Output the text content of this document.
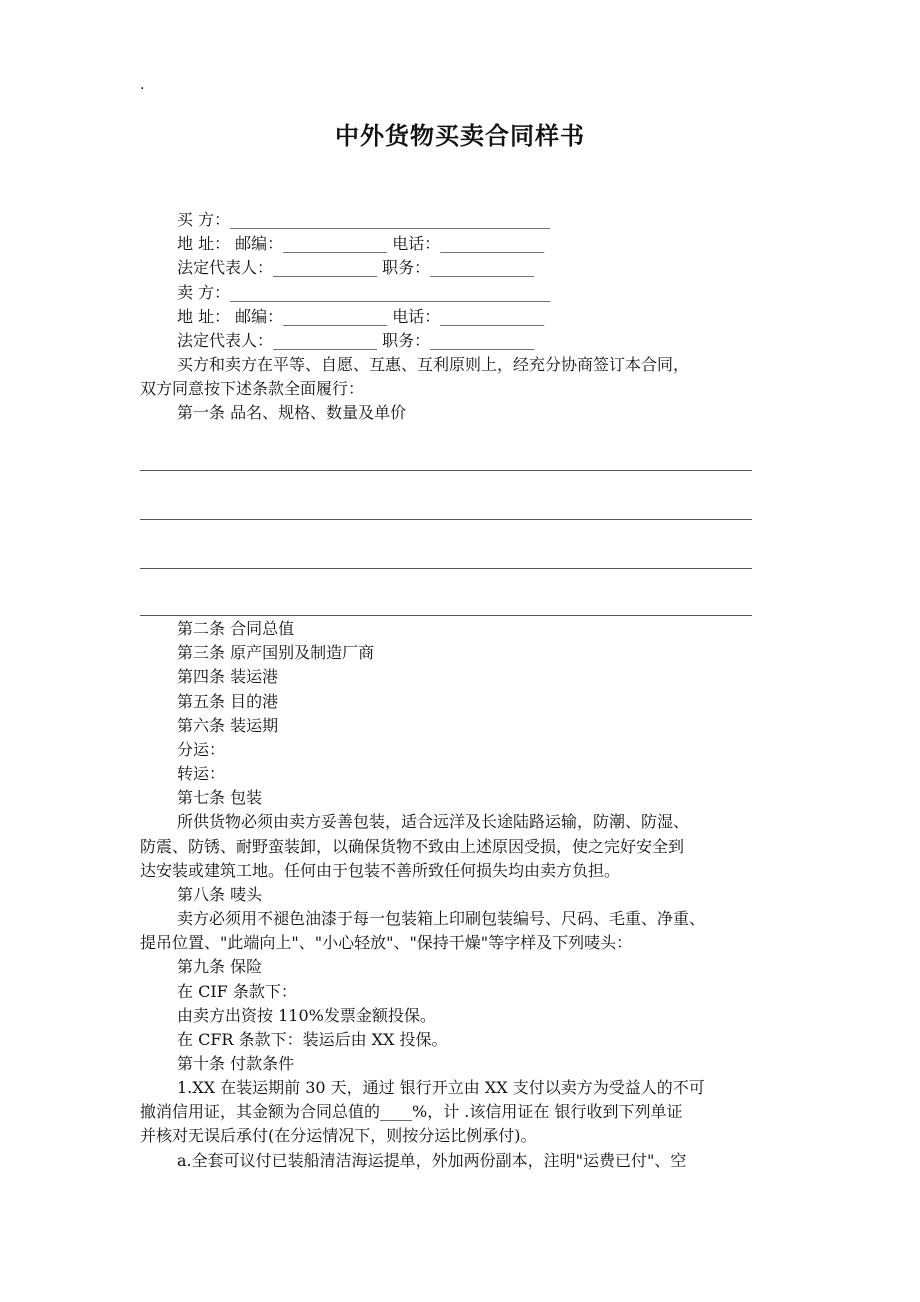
.
中外货物买卖合同样书
买 方：________________________________________
地 址： 邮编：_____________ 电话：_____________
法定代表人：_____________ 职务：_____________
卖 方：________________________________________
地 址： 邮编：_____________ 电话：_____________
法定代表人：_____________ 职务：_____________
买方和卖方在平等、自愿、互惠、互利原则上，经充分协商签订本合同，
双方同意按下述条款全面履行：
第一条 品名、规格、数量及单价
第二条 合同总值
第三条 原产国别及制造厂商
第四条 装运港
第五条 目的港
第六条 装运期
分运：
转运：
第七条 包装
所供货物必须由卖方妥善包装，适合远洋及长途陆路运输，防潮、防湿、
防震、防锈、耐野蛮装卸，以确保货物不致由上述原因受损，使之完好安全到
达安装或建筑工地。任何由于包装不善所致任何损失均由卖方负担。
第八条 唛头
卖方必须用不褪色油漆于每一包装箱上印刷包装编号、尺码、毛重、净重、
提吊位置、"此端向上"、"小心轻放"、"保持干燥"等字样及下列唛头：
第九条 保险
在 CIF 条款下：
由卖方出资按 110%发票金额投保。
在 CFR 条款下：装运后由 XX 投保。
第十条 付款条件
1.XX 在装运期前 30 天，通过 银行开立由 XX 支付以卖方为受益人的不可
撤消信用证，其金额为合同总值的____%，计 .该信用证在 银行收到下列单证
并核对无误后承付(在分运情况下，则按分运比例承付)。
a.全套可议付已装船清洁海运提单，外加两份副本，注明"运费已付"、空
